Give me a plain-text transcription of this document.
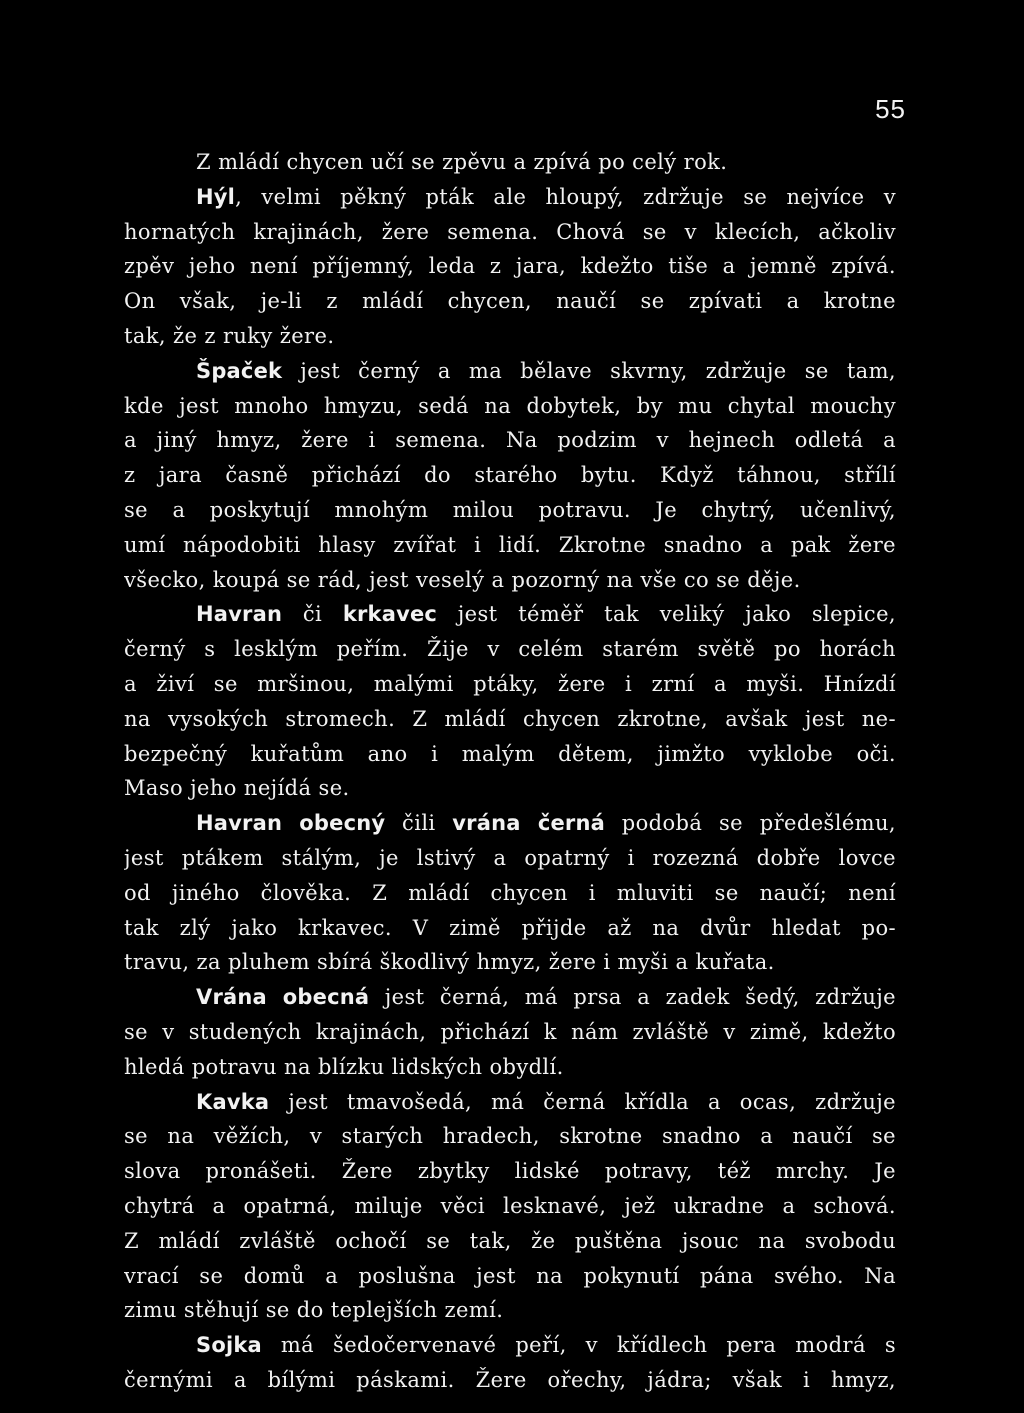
55
Z mládí chycen učí se zpěvu a zpívá po celý rok.
Hýl, velmi pěkný pták ale hloupý, zdržuje se nejvíce v
hornatých krajinách, žere semena. Chová se v klecích, ačkoliv
zpěv jeho není příjemný, leda z jara, kdežto tiše a jemně zpívá.
On však, je-li z mládí chycen, naučí se zpívati a krotne
tak, že z ruky žere.
Špaček jest černý a ma bělave skvrny, zdržuje se tam,
kde jest mnoho hmyzu, sedá na dobytek, by mu chytal mouchy
a jiný hmyz, žere i semena. Na podzim v hejnech odletá a
z jara časně přichází do starého bytu. Když táhnou, střílí
se a poskytují mnohým milou potravu. Je chytrý, učenlivý,
umí nápodobiti hlasy zvířat i lidí. Zkrotne snadno a pak žere
všecko, koupá se rád, jest veselý a pozorný na vše co se děje.
Havran či krkavec jest téměř tak veliký jako slepice,
černý s lesklým peřím. Žije v celém starém světě po horách
a živí se mršinou, malými ptáky, žere i zrní a myši. Hnízdí
na vysokých stromech. Z mládí chycen zkrotne, avšak jest ne-
bezpečný kuřatům ano i malým dětem, jimžto vyklobe oči.
Maso jeho nejídá se.
Havran obecný čili vrána černá podobá se předešlému,
jest ptákem stálým, je lstivý a opatrný i rozezná dobře lovce
od jiného člověka. Z mládí chycen i mluviti se naučí; není
tak zlý jako krkavec. V zimě přijde až na dvůr hledat po-
travu, za pluhem sbírá škodlivý hmyz, žere i myši a kuřata.
Vrána obecná jest černá, má prsa a zadek šedý, zdržuje
se v studených krajinách, přichází k nám zvláště v zimě, kdežto
hledá potravu na blízku lidských obydlí.
Kavka jest tmavošedá, má černá křídla a ocas, zdržuje
se na věžích, v starých hradech, skrotne snadno a naučí se
slova pronášeti. Žere zbytky lidské potravy, též mrchy. Je
chytrá a opatrná, miluje věci lesknavé, jež ukradne a schová.
Z mládí zvláště ochočí se tak, že puštěna jsouc na svobodu
vrací se domů a poslušna jest na pokynutí pána svého. Na
zimu stěhují se do teplejších zemí.
Sojka má šedočervenavé peří, v křídlech pera modrá s
černými a bílými páskami. Žere ořechy, jádra; však i hmyz,
